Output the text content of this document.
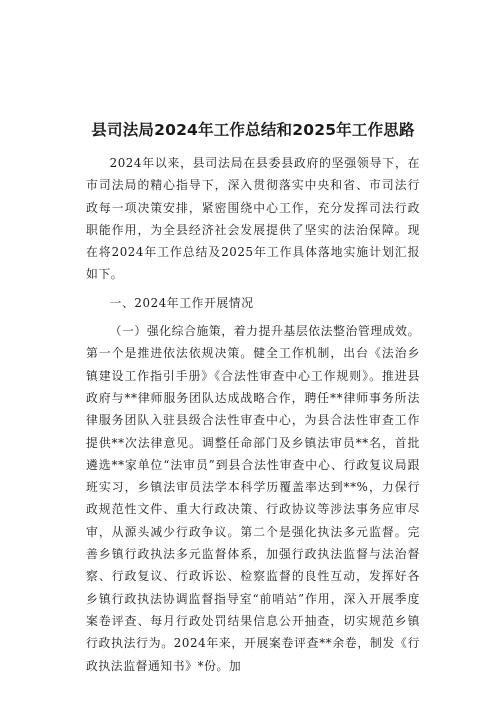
县司法局2024年工作总结和2025年工作思路

2024年以来，县司法局在县委县政府的坚强领导下，在市司法局的精心指导下，深入贯彻落实中央和省、市司法行政每一项决策安排，紧密围绕中心工作，充分发挥司法行政职能作用，为全县经济社会发展提供了坚实的法治保障。现在将2024年工作总结及2025年工作具体落地实施计划汇报如下。

一、2024年工作开展情况

（一）强化综合施策，着力提升基层依法整治管理成效。第一个是推进依法依规决策。健全工作机制，出台《法治乡镇建设工作指引手册》《合法性审查中心工作规则》。推进县政府与**律师服务团队达成战略合作，聘任**律师事务所法律服务团队入驻县级合法性审查中心，为县合法性审查工作提供**次法律意见。调整任命部门及乡镇法审员**名，首批遴选**家单位“法审员”到县合法性审查中心、行政复议局跟班实习，乡镇法审员法学本科学历覆盖率达到**%，力保行政规范性文件、重大行政决策、行政协议等涉法事务应审尽审，从源头减少行政争议。第二个是强化执法多元监督。完善乡镇行政执法多元监督体系，加强行政执法监督与法治督察、行政复议、行政诉讼、检察监督的良性互动，发挥好各乡镇行政执法协调监督指导室“前哨站”作用，深入开展季度案卷评查、每月行政处罚结果信息公开抽查，切实规范乡镇行政执法行为。2024年来，开展案卷评查**余卷，制发《行政执法监督通知书》*份。加
